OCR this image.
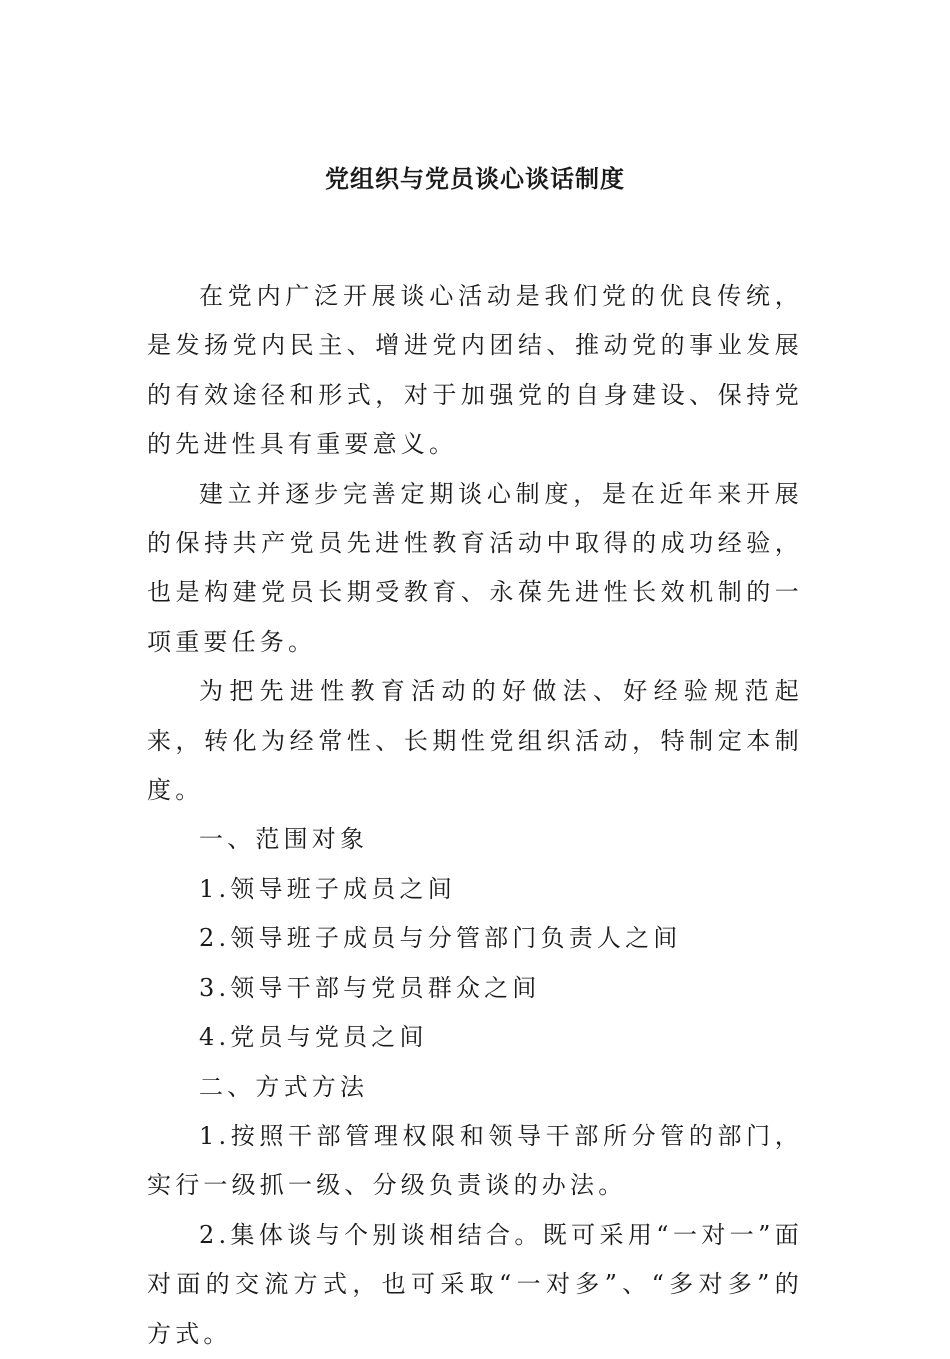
党组织与党员谈心谈话制度

在党内广泛开展谈心活动是我们党的优良传统，是发扬党内民主、增进党内团结、推动党的事业发展的有效途径和形式，对于加强党的自身建设、保持党的先进性具有重要意义。

建立并逐步完善定期谈心制度，是在近年来开展的保持共产党员先进性教育活动中取得的成功经验，也是构建党员长期受教育、永葆先进性长效机制的一项重要任务。

为把先进性教育活动的好做法、好经验规范起来，转化为经常性、长期性党组织活动，特制定本制度。

一、范围对象

1.领导班子成员之间

2.领导班子成员与分管部门负责人之间

3.领导干部与党员群众之间

4.党员与党员之间

二、方式方法

1.按照干部管理权限和领导干部所分管的部门，实行一级抓一级、分级负责谈的办法。

2.集体谈与个别谈相结合。既可采用“一对一”面对面的交流方式，也可采取“一对多”、“多对多”的方式。
